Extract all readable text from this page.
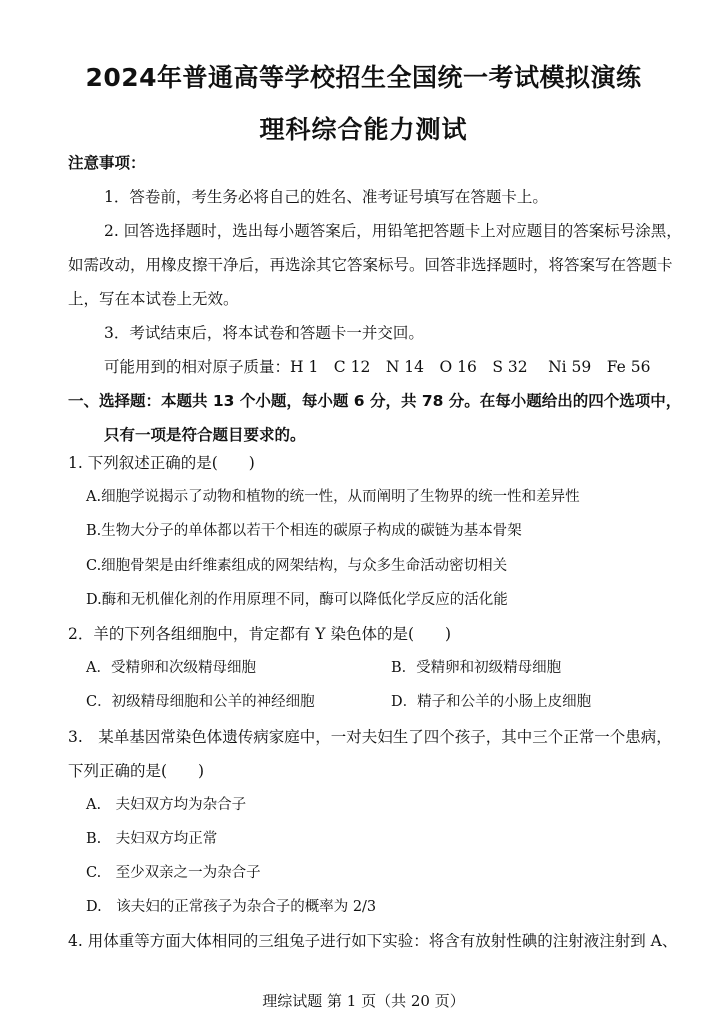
2024年普通高等学校招生全国统一考试模拟演练
理科综合能力测试
注意事项：
1．答卷前，考生务必将自己的姓名、准考证号填写在答题卡上。
2. 回答选择题时，选出每小题答案后，用铅笔把答题卡上对应题目的答案标号涂黑，
如需改动，用橡皮擦干净后，再选涂其它答案标号。回答非选择题时，将答案写在答题卡
上，写在本试卷上无效。
3．考试结束后，将本试卷和答题卡一并交回。
可能用到的相对原子质量：H 1　C 12　N 14　O 16　S 32　 Ni 59　Fe 56
一、选择题：本题共 13 个小题，每小题 6 分，共 78 分。在每小题给出的四个选项中，
只有一项是符合题目要求的。
1. 下列叙述正确的是(　　)
A.细胞学说揭示了动物和植物的统一性，从而阐明了生物界的统一性和差异性
B.生物大分子的单体都以若干个相连的碳原子构成的碳链为基本骨架
C.细胞骨架是由纤维素组成的网架结构，与众多生命活动密切相关
D.酶和无机催化剂的作用原理不同，酶可以降低化学反应的活化能
2．羊的下列各组细胞中，肯定都有 Y 染色体的是(　　)
A．受精卵和次级精母细胞	B．受精卵和初级精母细胞
C．初级精母细胞和公羊的神经细胞	D．精子和公羊的小肠上皮细胞
3.　某单基因常染色体遗传病家庭中，一对夫妇生了四个孩子，其中三个正常一个患病，
下列正确的是(　　)
A.　夫妇双方均为杂合子
B.　夫妇双方均正常
C.　至少双亲之一为杂合子
D.　该夫妇的正常孩子为杂合子的概率为 2/3
4. 用体重等方面大体相同的三组兔子进行如下实验：将含有放射性碘的注射液注射到 A、
理综试题 第 1 页（共 20 页）
